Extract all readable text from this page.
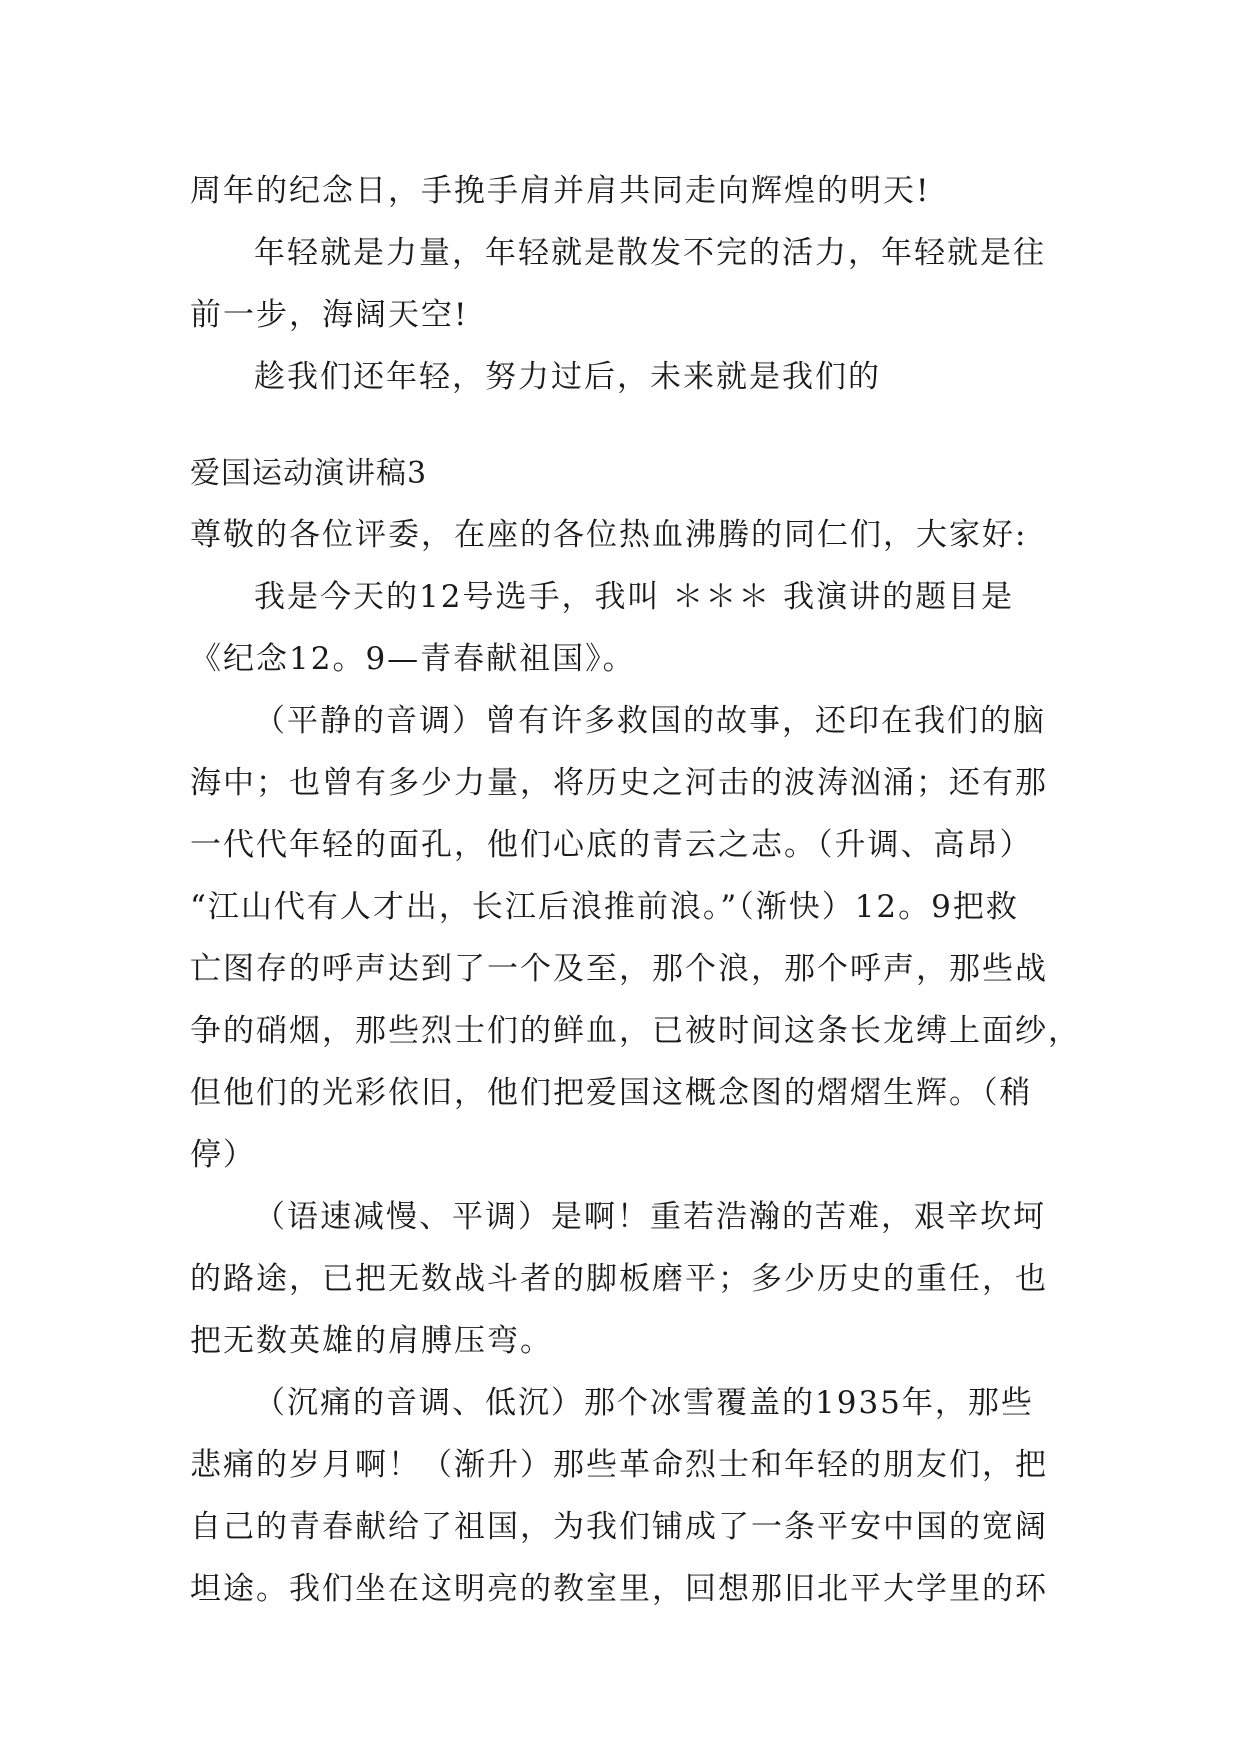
周年的纪念日，手挽手肩并肩共同走向辉煌的明天!
年轻就是力量，年轻就是散发不完的活力，年轻就是往
前一步，海阔天空!
趁我们还年轻，努力过后，未来就是我们的
爱国运动演讲稿3
尊敬的各位评委，在座的各位热血沸腾的同仁们，大家好:
我是今天的12号选手，我叫 ＊＊＊ 我演讲的题目是
《纪念12。9—青春献祖国》。
（平静的音调）曾有许多救国的故事，还印在我们的脑
海中；也曾有多少力量，将历史之河击的波涛汹涌；还有那
一代代年轻的面孔，他们心底的青云之志。（升调、高昂）
“江山代有人才出，长江后浪推前浪。”（渐快）12。9把救
亡图存的呼声达到了一个及至，那个浪，那个呼声，那些战
争的硝烟，那些烈士们的鲜血，已被时间这条长龙缚上面纱，
但他们的光彩依旧，他们把爱国这概念图的熠熠生辉。（稍
停）
（语速减慢、平调）是啊！重若浩瀚的苦难，艰辛坎坷
的路途，已把无数战斗者的脚板磨平；多少历史的重任，也
把无数英雄的肩膊压弯。
（沉痛的音调、低沉）那个冰雪覆盖的1935年，那些
悲痛的岁月啊！（渐升）那些革命烈士和年轻的朋友们，把
自己的青春献给了祖国，为我们铺成了一条平安中国的宽阔
坦途。我们坐在这明亮的教室里，回想那旧北平大学里的环
